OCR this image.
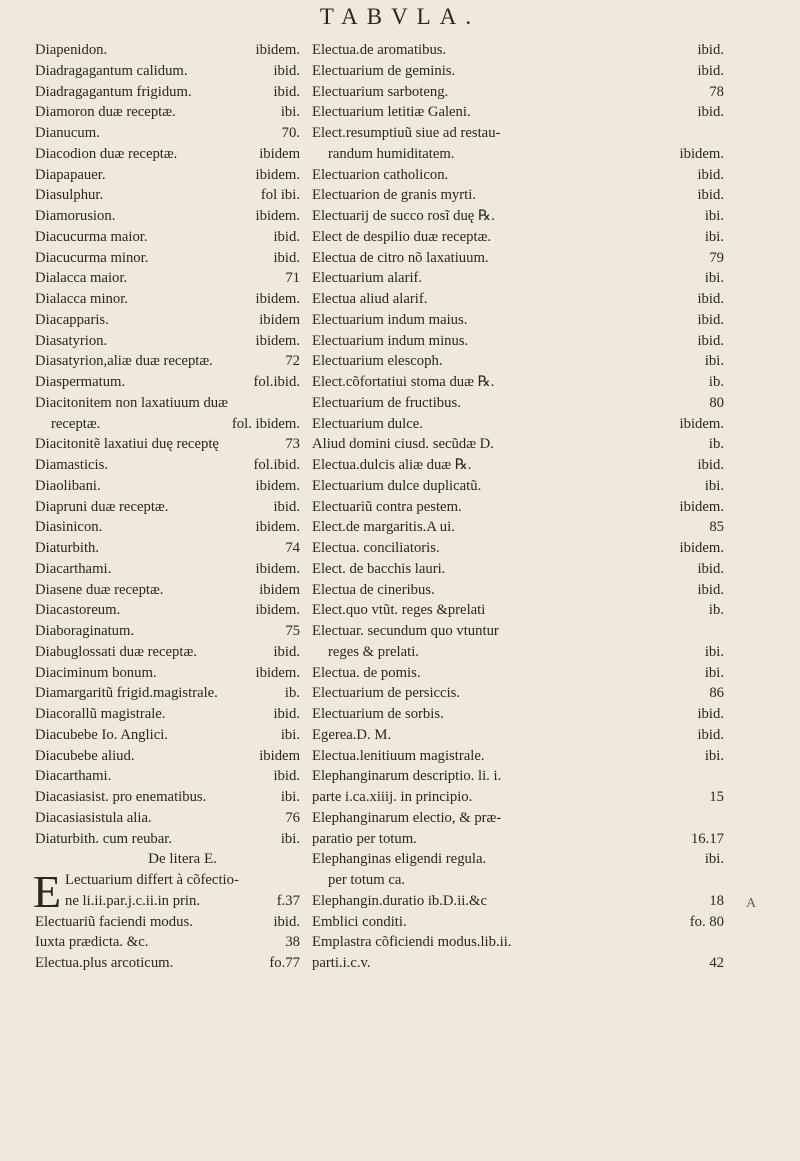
TABVLA.
Diapenidon.	ibidem.
Diadragagantum calidum.	ibid.
Diadragagantum frigidum.	ibid.
Diamoron duæ receptæ.	ibi.
Dianucum.	70.
Diacodion duæ receptæ.	ibidem
Diapapauer.	ibidem.
Diasulphur.	fol ibi.
Diamorusion.	ibidem.
Diacucurma maior.	ibid.
Diacucurma minor.	ibid.
Dialacca maior.	71
Dialacca minor.	ibidem.
Diacapparis.	ibidem
Diasatyrion.	ibidem.
Diasatyrion,aliæ duæ receptæ.	72
Diaspermatum.	fol.ibid.
Diacitonitem non laxatiuum duæ
receptæ.	fol. ibidem.
Diacitonitẽ laxatiui duę receptę	73
Diamasticis.	fol.ibid.
Diaolibani.	ibidem.
Diapruni duæ receptæ.	ibid.
Diasinicon.	ibidem.
Diaturbith.	74
Diacarthami.	ibidem.
Diasene duæ receptæ.	ibidem
Diacastoreum.	ibidem.
Diaboraginatum.	75
Diabuglossati duæ receptæ.	ibid.
Diaciminum bonum.	ibidem.
Diamargaritũ frigid.magistrale.	ib.
Diacorallũ magistrale.	ibid.
Diacubebe Io. Anglici.	ibi.
Diacubebe aliud.	ibidem
Diacarthami.	ibid.
Diacasiasist. pro enematibus.	ibi.
Diacasiasistula alia.	76
Diaturbith. cum reubar.	ibi.
De litera E.
E Lectuarium differt à cõfectio-
ne li.ii.par.j.c.ii.in prin.	f.37
Electuariũ faciendi modus.	ibid.
Iuxta prædicta. &c.	38
Electua.plus arcoticum.	fo.77
Electua.de aromatibus.	ibid.
Electuarium de geminis.	ibid.
Electuarium sarboteng.	78
Electuarium letitiæ Galeni.	ibid.
Elect.resumptiuũ siue ad restau-
randum humiditatem.	ibidem.
Electuarion catholicon.	ibid.
Electuarion de granis myrti.	ibid.
Electuarij de succo rosĩ duę ℞.	ibi.
Elect de despilio duæ receptæ.	ibi.
Electua de citro nõ laxatiuum.	79
Electuarium alarif.	ibi.
Electua aliud alarif.	ibid.
Electuarium indum maius.	ibid.
Electuarium indum minus.	ibid.
Electuarium elescoph.	ibi.
Elect.cõfortatiui stoma duæ ℞.	ib.
Electuarium de fructibus.	80
Electuarium dulce.	ibidem.
Aliud domini ciusd. secũdæ D.	ib.
Electua.dulcis aliæ duæ ℞.	ibid.
Electuarium dulce duplicatũ.	ibi.
Electuariũ contra pestem.	ibidem.
Elect.de margaritis.A ui.	85
Electua. conciliatoris.	ibidem.
Elect. de bacchis lauri.	ibid.
Electua de cineribus.	ibid.
Elect.quo vtũt. reges &prelati	ib.
Electuar. secundum quo vtuntur
reges & prelati.	ibi.
Electua. de pomis.	ibi.
Electuarium de persiccis.	86
Electuarium de sorbis.	ibid.
Egerea.D. M.	ibid.
Electua.lenitiuum magistrale.	ibi.
Elephanginarum descriptio. li. i.
parte i.ca.xiiij. in principio.	15
Elephanginarum electio, & præ-
paratio per totum.	16.17
Elephanginas eligendi regula.	ibi.
per totum ca.
Elephangin.duratio ib.D.ii.&c	18
Emblici conditi.	fo. 80
Emplastra cõficiendi modus.lib.ii.
parti.i.c.v.	42
A
